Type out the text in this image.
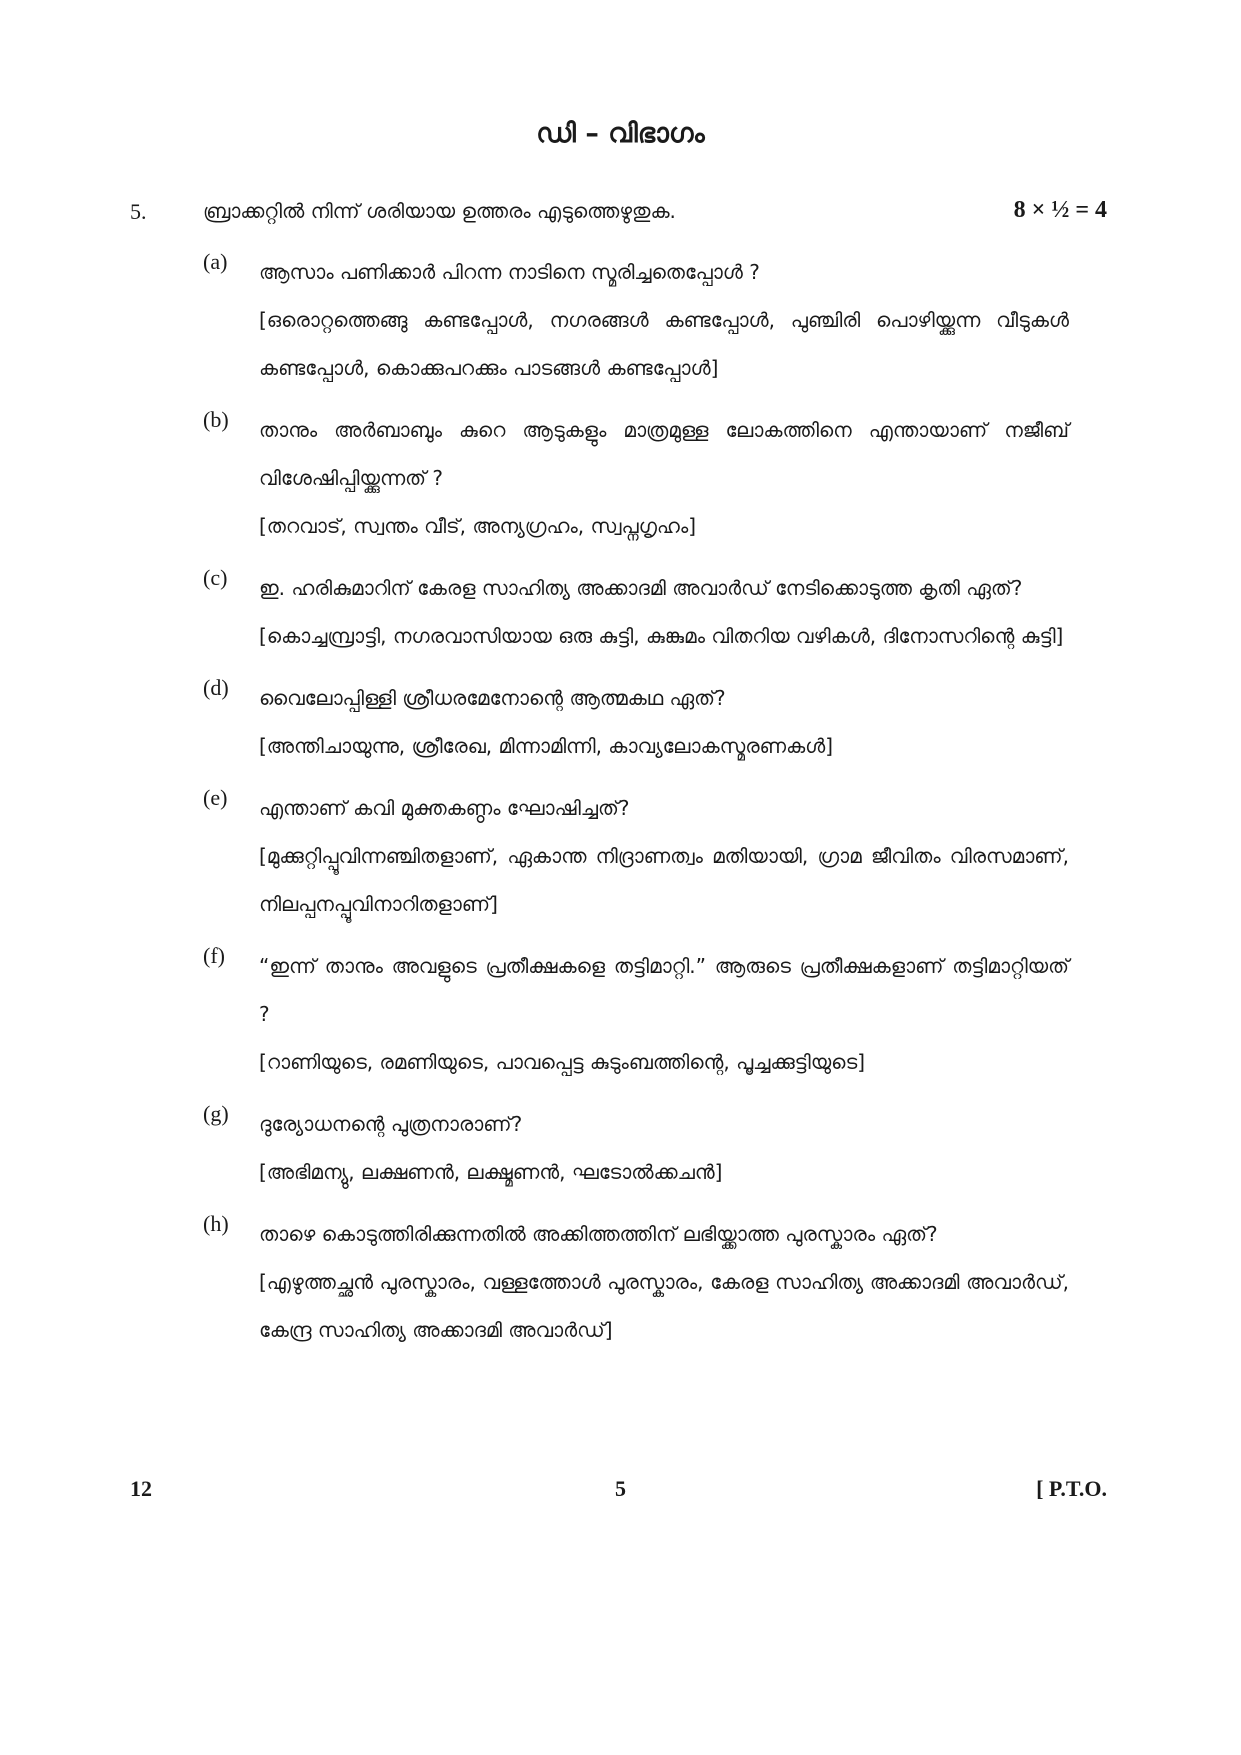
ഡി – വിഭാഗം
5.	ബ്രാക്കറ്റിൽ നിന്ന് ശരിയായ ഉത്തരം എടുത്തെഴുതുക.	8 × ½ = 4
(a) ആസാം പണിക്കാർ പിറന്ന നാടിനെ സ്മരിച്ചതെപ്പോൾ ?

[ഒരൊറ്റത്തെങ്ങു കണ്ടപ്പോൾ, നഗരങ്ങൾ കണ്ടപ്പോൾ, പുഞ്ചിരി പൊഴിയ്ക്കുന്ന വീടുകൾ കണ്ടപ്പോൾ, കൊക്കുപറക്കും പാടങ്ങൾ കണ്ടപ്പോൾ]

(b) താനും അർബാബും കുറെ ആടുകളും മാത്രമുള്ള ലോകത്തിനെ എന്തായാണ് നജീബ് വിശേഷിപ്പിയ്ക്കുന്നത് ?

[തറവാട്, സ്വന്തം വീട്, അന്യഗ്രഹം, സ്വപ്നഗൃഹം]

(c) ഇ. ഹരികുമാറിന് കേരള സാഹിത്യ അക്കാദമി അവാർഡ് നേടിക്കൊടുത്ത കൃതി ഏത്?

[കൊച്ചമ്പ്രാട്ടി, നഗരവാസിയായ ഒരു കുട്ടി, കുങ്കുമം വിതറിയ വഴികൾ, ദിനോസറിന്റെ കുട്ടി]

(d) വൈലോപ്പിള്ളി ശ്രീധരമേനോന്റെ ആത്മകഥ ഏത്?

[അന്തിചായുന്നു, ശ്രീരേഖ, മിന്നാമിന്നി, കാവ്യലോകസ്മരണകൾ]

(e) എന്താണ് കവി മുക്തകണ്ഠം ഘോഷിച്ചത്?

[മുക്കുറ്റിപ്പൂവിന്നഞ്ചിതളാണ്, ഏകാന്ത നിദ്രാണത്വം മതിയായി, ഗ്രാമ ജീവിതം വിരസമാണ്, നിലപ്പനപ്പൂവിനാറിതളാണ്]

(f) “ഇന്ന് താനും അവളുടെ പ്രതീക്ഷകളെ തട്ടിമാറ്റി.” ആരുടെ പ്രതീക്ഷകളാണ് തട്ടിമാറ്റിയത് ?

[റാണിയുടെ, രമണിയുടെ, പാവപ്പെട്ട കുടുംബത്തിന്റെ, പൂച്ചക്കുട്ടിയുടെ]

(g) ദുര്യോധനന്റെ പുത്രനാരാണ്?

[അഭിമന്യു, ലക്ഷണൻ, ലക്ഷ്മണൻ, ഘടോൽക്കചൻ]

(h) താഴെ കൊടുത്തിരിക്കുന്നതിൽ അക്കിത്തത്തിന് ലഭിയ്ക്കാത്ത പുരസ്കാരം ഏത്?

[എഴുത്തച്ഛൻ പുരസ്കാരം, വള്ളത്തോൾ പുരസ്കാരം, കേരള സാഹിത്യ അക്കാദമി അവാർഡ്, കേന്ദ്ര സാഹിത്യ അക്കാദമി അവാർഡ്]

12	5	[ P.T.O.
